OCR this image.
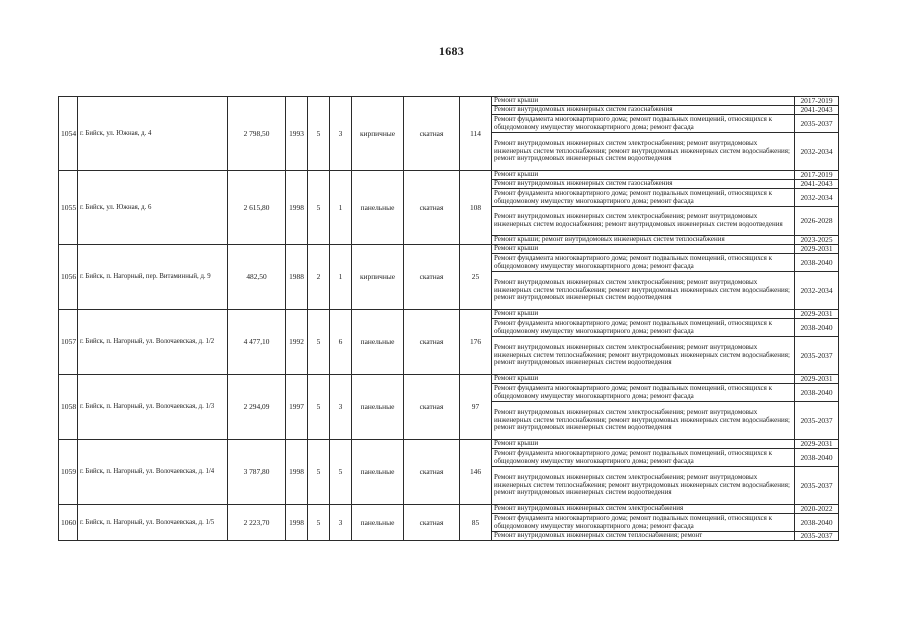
1683
1054	г. Бийск, ул. Южная, д. 4	2 798,50	1993	5	3	кирпичные	скатная	114	Ремонт крыши	2017-2019
									Ремонт внутридомовых инженерных систем газоснабжения	2041-2043
									Ремонт фундамента многоквартирного дома; ремонт подвальных помещений, относящихся к общедомовому имуществу многоквартирного дома; ремонт фасада	2035-2037
									Ремонт внутридомовых инженерных систем электроснабжения; ремонт внутридомовых инженерных систем теплоснабжения; ремонт внутридомовых инженерных систем водоснабжения; ремонт внутридомовых инженерных систем водоотведения	2032-2034
1055	г. Бийск, ул. Южная, д. 6	2 615,80	1998	5	1	панельные	скатная	108	Ремонт крыши	2017-2019
									Ремонт внутридомовых инженерных систем газоснабжения	2041-2043
									Ремонт фундамента многоквартирного дома; ремонт подвальных помещений, относящихся к общедомовому имуществу многоквартирного дома; ремонт фасада	2032-2034
									Ремонт внутридомовых инженерных систем электроснабжения; ремонт внутридомовых инженерных систем водоснабжения; ремонт внутридомовых инженерных систем водоотведения	2026-2028
									Ремонт крыши; ремонт внутридомовых инженерных систем теплоснабжения	2023-2025
1056	г. Бийск, п. Нагорный, пер. Витаминный, д. 9	482,50	1988	2	1	кирпичные	скатная	25	Ремонт крыши	2029-2031
									Ремонт фундамента многоквартирного дома; ремонт подвальных помещений, относящихся к общедомовому имуществу многоквартирного дома; ремонт фасада	2038-2040
									Ремонт внутридомовых инженерных систем электроснабжения; ремонт внутридомовых инженерных систем теплоснабжения; ремонт внутридомовых инженерных систем водоснабжения; ремонт внутридомовых инженерных систем водоотведения	2032-2034
1057	г. Бийск, п. Нагорный, ул. Волочаевская, д. 1/2	4 477,10	1992	5	6	панельные	скатная	176	Ремонт крыши	2029-2031
									Ремонт фундамента многоквартирного дома; ремонт подвальных помещений, относящихся к общедомовому имуществу многоквартирного дома; ремонт фасада	2038-2040
									Ремонт внутридомовых инженерных систем электроснабжения; ремонт внутридомовых инженерных систем теплоснабжения; ремонт внутридомовых инженерных систем водоснабжения; ремонт внутридомовых инженерных систем водоотведения	2035-2037
1058	г. Бийск, п. Нагорный, ул. Волочаевская, д. 1/3	2 294,09	1997	5	3	панельные	скатная	97	Ремонт крыши	2029-2031
									Ремонт фундамента многоквартирного дома; ремонт подвальных помещений, относящихся к общедомовому имуществу многоквартирного дома; ремонт фасада	2038-2040
									Ремонт внутридомовых инженерных систем электроснабжения; ремонт внутридомовых инженерных систем теплоснабжения; ремонт внутридомовых инженерных систем водоснабжения; ремонт внутридомовых инженерных систем водоотведения	2035-2037
1059	г. Бийск, п. Нагорный, ул. Волочаевская, д. 1/4	3 787,80	1998	5	5	панельные	скатная	146	Ремонт крыши	2029-2031
									Ремонт фундамента многоквартирного дома; ремонт подвальных помещений, относящихся к общедомовому имуществу многоквартирного дома; ремонт фасада	2038-2040
									Ремонт внутридомовых инженерных систем электроснабжения; ремонт внутридомовых инженерных систем теплоснабжения; ремонт внутридомовых инженерных систем водоснабжения; ремонт внутридомовых инженерных систем водоотведения	2035-2037
1060	г. Бийск, п. Нагорный, ул. Волочаевская, д. 1/5	2 223,70	1998	5	3	панельные	скатная	85	Ремонт внутридомовых инженерных систем электроснабжения	2020-2022
									Ремонт фундамента многоквартирного дома; ремонт подвальных помещений, относящихся к общедомовому имуществу многоквартирного дома; ремонт фасада	2038-2040
									Ремонт внутридомовых инженерных систем теплоснабжения; ремонт	2035-2037
